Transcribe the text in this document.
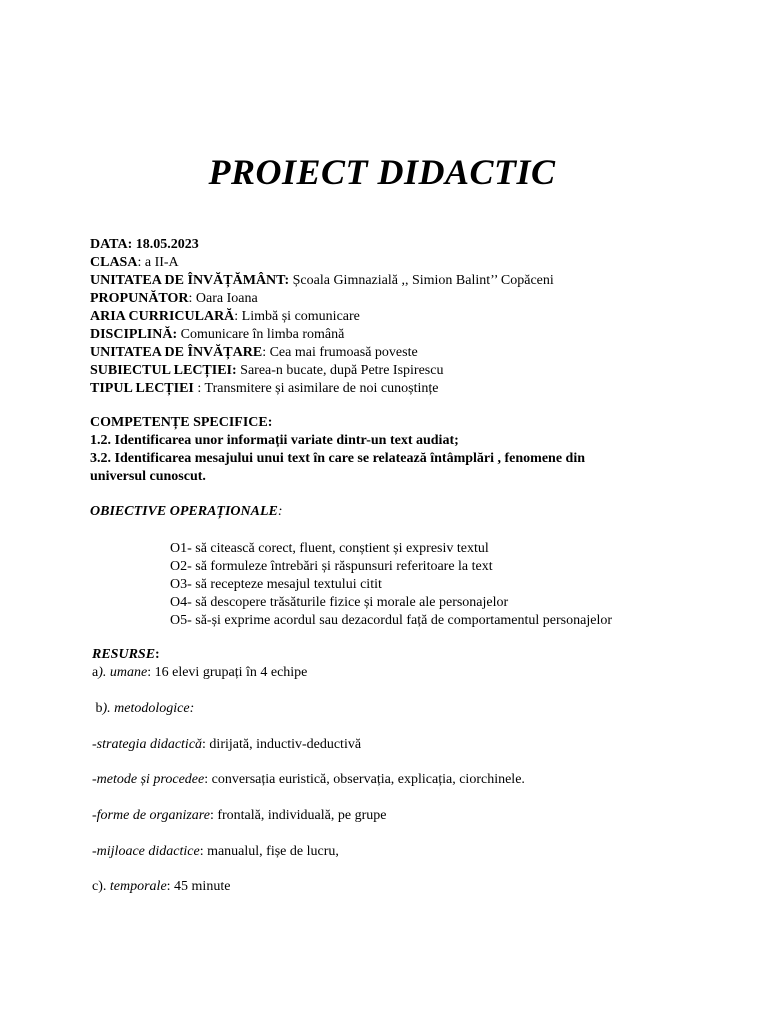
PROIECT DIDACTIC
DATA: 18.05.2023
CLASA: a II-A
UNITATEA DE ÎNVĂȚĂMÂNT: Școala Gimnazială ,, Simion Balint’’ Copăceni
PROPUNĂTOR: Oara Ioana
ARIA CURRICULARĂ: Limbă și comunicare
DISCIPLINĂ: Comunicare în limba română
UNITATEA DE ÎNVĂȚARE: Cea mai frumoasă poveste
SUBIECTUL LECȚIEI: Sarea-n bucate, după Petre Ispirescu
TIPUL LECȚIEI : Transmitere și asimilare de noi cunoștințe
COMPETENȚE SPECIFICE:
1.2. Identificarea unor informații variate dintr-un text audiat;
3.2. Identificarea mesajului unui text în care se relatează întâmplări , fenomene din
universul cunoscut.
OBIECTIVE OPERAȚIONALE:
O1- să citească corect, fluent, conștient și expresiv textul
O2- să formuleze întrebări și răspunsuri referitoare la text
O3- să recepteze mesajul textului citit
O4- să descopere trăsăturile fizice și morale ale personajelor
O5- să-și exprime acordul sau dezacordul față de comportamentul personajelor
RESURSE:
a). umane: 16 elevi grupați în 4 echipe
b). metodologice:
-strategia didactică: dirijată, inductiv-deductivă
-metode și procedee: conversația euristică, observația, explicația, ciorchinele.
-forme de organizare: frontală, individuală, pe grupe
-mijloace didactice: manualul, fișe de lucru,
c). temporale: 45 minute
